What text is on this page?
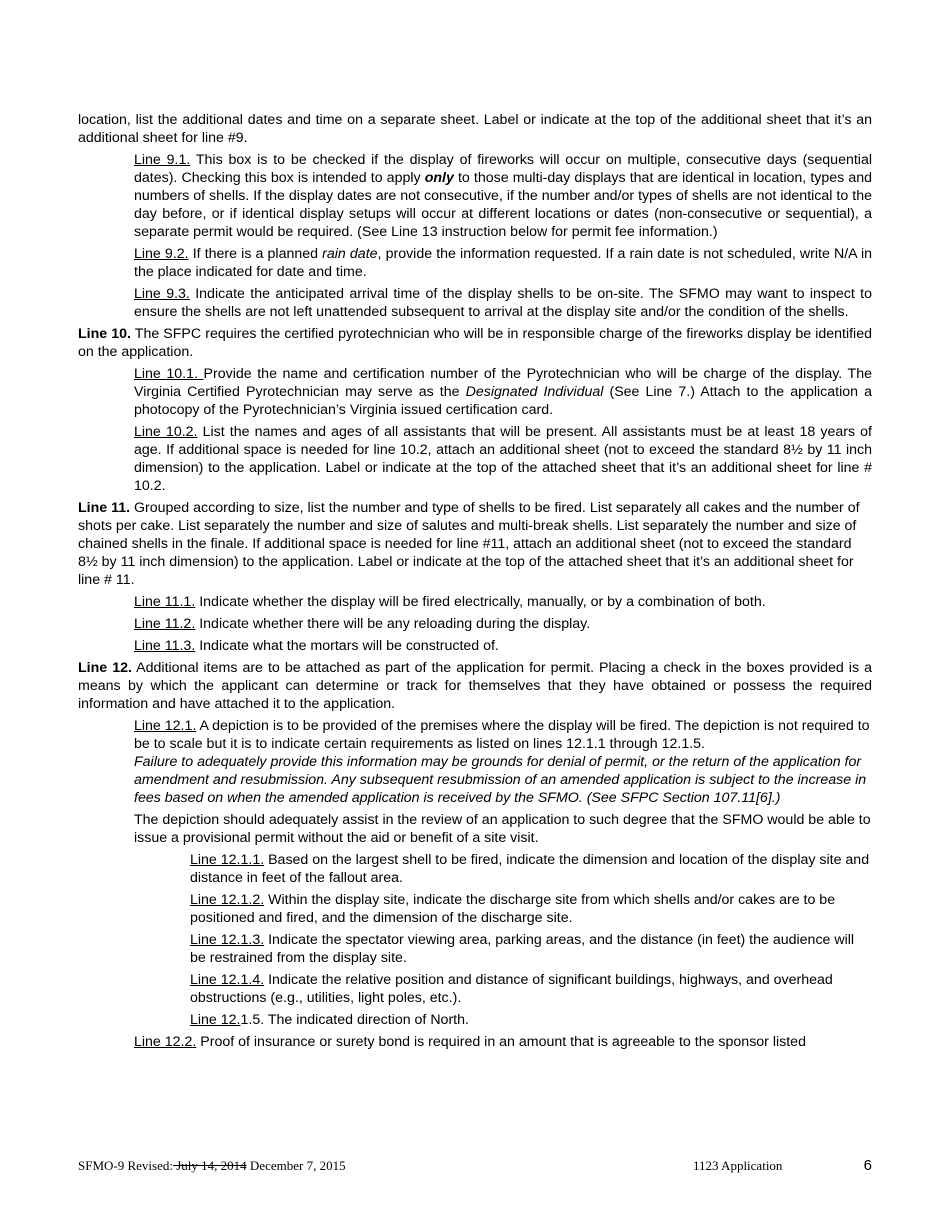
location, list the additional dates and time on a separate sheet. Label or indicate at the top of the additional sheet that it’s an additional sheet for line #9.

Line 9.1. This box is to be checked if the display of fireworks will occur on multiple, consecutive days (sequential dates). Checking this box is intended to apply only to those multi-day displays that are identical in location, types and numbers of shells. If the display dates are not consecutive, if the number and/or types of shells are not identical to the day before, or if identical display setups will occur at different locations or dates (non-consecutive or sequential), a separate permit would be required. (See Line 13 instruction below for permit fee information.)

Line 9.2. If there is a planned rain date, provide the information requested. If a rain date is not scheduled, write N/A in the place indicated for date and time.

Line 9.3. Indicate the anticipated arrival time of the display shells to be on-site. The SFMO may want to inspect to ensure the shells are not left unattended subsequent to arrival at the display site and/or the condition of the shells.

Line 10. The SFPC requires the certified pyrotechnician who will be in responsible charge of the fireworks display be identified on the application.

Line 10.1. Provide the name and certification number of the Pyrotechnician who will be charge of the display. The Virginia Certified Pyrotechnician may serve as the Designated Individual (See Line 7.) Attach to the application a photocopy of the Pyrotechnician’s Virginia issued certification card.

Line 10.2. List the names and ages of all assistants that will be present. All assistants must be at least 18 years of age. If additional space is needed for line 10.2, attach an additional sheet (not to exceed the standard 8½ by 11 inch dimension) to the application. Label or indicate at the top of the attached sheet that it’s an additional sheet for line # 10.2.

Line 11. Grouped according to size, list the number and type of shells to be fired. List separately all cakes and the number of shots per cake. List separately the number and size of salutes and multi-break shells. List separately the number and size of chained shells in the finale. If additional space is needed for line #11, attach an additional sheet (not to exceed the standard 8½ by 11 inch dimension) to the application. Label or indicate at the top of the attached sheet that it’s an additional sheet for line # 11.

Line 11.1. Indicate whether the display will be fired electrically, manually, or by a combination of both.

Line 11.2. Indicate whether there will be any reloading during the display.

Line 11.3. Indicate what the mortars will be constructed of.

Line 12. Additional items are to be attached as part of the application for permit. Placing a check in the boxes provided is a means by which the applicant can determine or track for themselves that they have obtained or possess the required information and have attached it to the application.

Line 12.1. A depiction is to be provided of the premises where the display will be fired. The depiction is not required to be to scale but it is to indicate certain requirements as listed on lines 12.1.1 through 12.1.5.
Failure to adequately provide this information may be grounds for denial of permit, or the return of the application for amendment and resubmission. Any subsequent resubmission of an amended application is subject to the increase in fees based on when the amended application is received by the SFMO. (See SFPC Section 107.11[6].)

The depiction should adequately assist in the review of an application to such degree that the SFMO would be able to issue a provisional permit without the aid or benefit of a site visit.

Line 12.1.1. Based on the largest shell to be fired, indicate the dimension and location of the display site and distance in feet of the fallout area.

Line 12.1.2. Within the display site, indicate the discharge site from which shells and/or cakes are to be positioned and fired, and the dimension of the discharge site.

Line 12.1.3. Indicate the spectator viewing area, parking areas, and the distance (in feet) the audience will be restrained from the display site.

Line 12.1.4. Indicate the relative position and distance of significant buildings, highways, and overhead obstructions (e.g., utilities, light poles, etc.).

Line 12.1.5. The indicated direction of North.

Line 12.2. Proof of insurance or surety bond is required in an amount that is agreeable to the sponsor listed

SFMO-9 Revised: July 14, 2014 December 7, 2015	1123 Application	6
